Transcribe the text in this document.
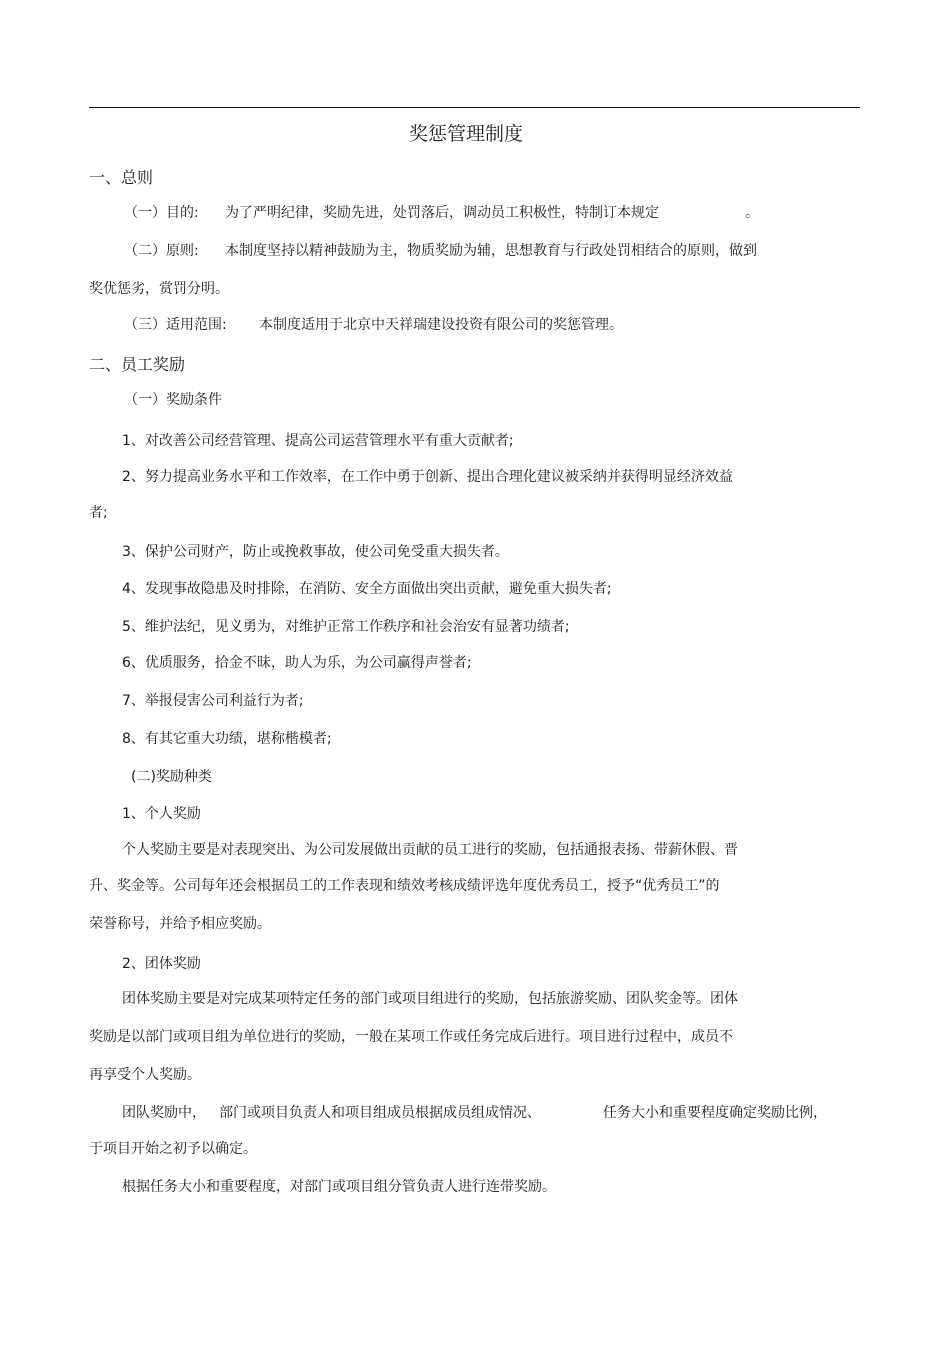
奖惩管理制度
一、总则
（一）目的: 为了严明纪律，奖励先进，处罚落后，调动员工积极性，特制订本规定	。
（二）原则: 本制度坚持以精神鼓励为主，物质奖励为辅，思想教育与行政处罚相结合的原则，做到
奖优惩劣，赏罚分明。
（三）适用范围: 本制度适用于北京中天祥瑞建设投资有限公司的奖惩管理。
二、员工奖励
（一）奖励条件
1、对改善公司经营管理、提高公司运营管理水平有重大贡献者;
2、努力提高业务水平和工作效率，在工作中勇于创新、提出合理化建议被采纳并获得明显经济效益
者;
3、保护公司财产，防止或挽救事故，使公司免受重大损失者。
4、发现事故隐患及时排除，在消防、安全方面做出突出贡献，避免重大损失者;
5、维护法纪，见义勇为，对维护正常工作秩序和社会治安有显著功绩者;
6、优质服务，拾金不昧，助人为乐，为公司赢得声誉者;
7、举报侵害公司利益行为者;
8、有其它重大功绩，堪称楷模者;
(二)奖励种类
1、个人奖励
个人奖励主要是对表现突出、为公司发展做出贡献的员工进行的奖励，包括通报表扬、带薪休假、晋
升、奖金等。公司每年还会根据员工的工作表现和绩效考核成绩评选年度优秀员工，授予“优秀员工”的
荣誉称号，并给予相应奖励。
2、团体奖励
团体奖励主要是对完成某项特定任务的部门或项目组进行的奖励，包括旅游奖励、团队奖金等。团体
奖励是以部门或项目组为单位进行的奖励，一般在某项工作或任务完成后进行。项目进行过程中，成员不
再享受个人奖励。
团队奖励中， 部门或项目负责人和项目组成员根据成员组成情况、	任务大小和重要程度确定奖励比例，
于项目开始之初予以确定。
根据任务大小和重要程度，对部门或项目组分管负责人进行连带奖励。
